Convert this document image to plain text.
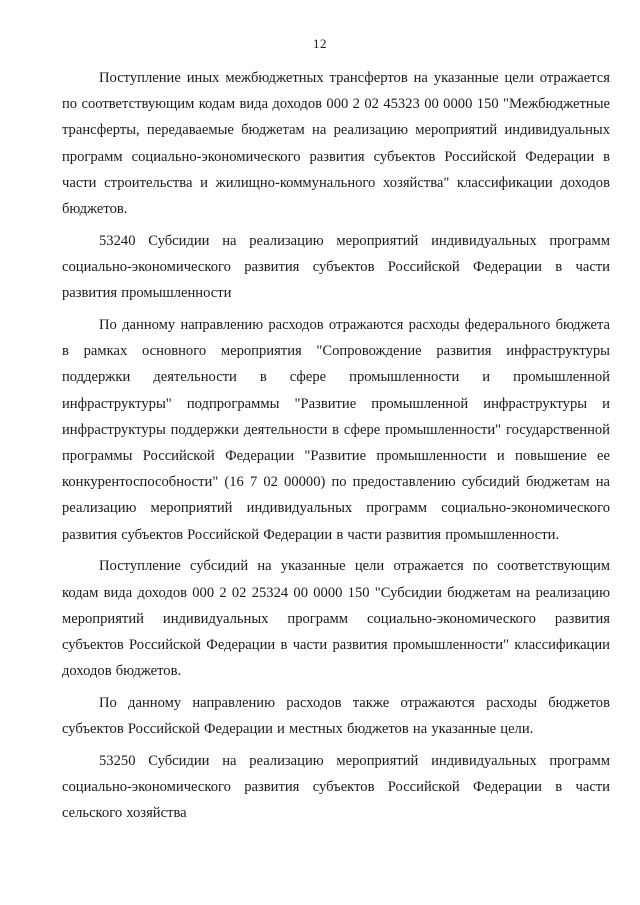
12

Поступление иных межбюджетных трансфертов на указанные цели отражается по соответствующим кодам вида доходов 000 2 02 45323 00 0000 150 "Межбюджетные трансферты, передаваемые бюджетам на реализацию мероприятий индивидуальных программ социально-экономического развития субъектов Российской Федерации в части строительства и жилищно-коммунального хозяйства" классификации доходов бюджетов.

53240 Субсидии на реализацию мероприятий индивидуальных программ социально-экономического развития субъектов Российской Федерации в части развития промышленности

По данному направлению расходов отражаются расходы федерального бюджета в рамках основного мероприятия "Сопровождение развития инфраструктуры поддержки деятельности в сфере промышленности и промышленной инфраструктуры" подпрограммы "Развитие промышленной инфраструктуры и инфраструктуры поддержки деятельности в сфере промышленности" государственной программы Российской Федерации "Развитие промышленности и повышение ее конкурентоспособности" (16 7 02 00000) по предоставлению субсидий бюджетам на реализацию мероприятий индивидуальных программ социально-экономического развития субъектов Российской Федерации в части развития промышленности.

Поступление субсидий на указанные цели отражается по соответствующим кодам вида доходов 000 2 02 25324 00 0000 150 "Субсидии бюджетам на реализацию мероприятий индивидуальных программ социально-экономического развития субъектов Российской Федерации в части развития промышленности" классификации доходов бюджетов.

По данному направлению расходов также отражаются расходы бюджетов субъектов Российской Федерации и местных бюджетов на указанные цели.

53250 Субсидии на реализацию мероприятий индивидуальных программ социально-экономического развития субъектов Российской Федерации в части сельского хозяйства
